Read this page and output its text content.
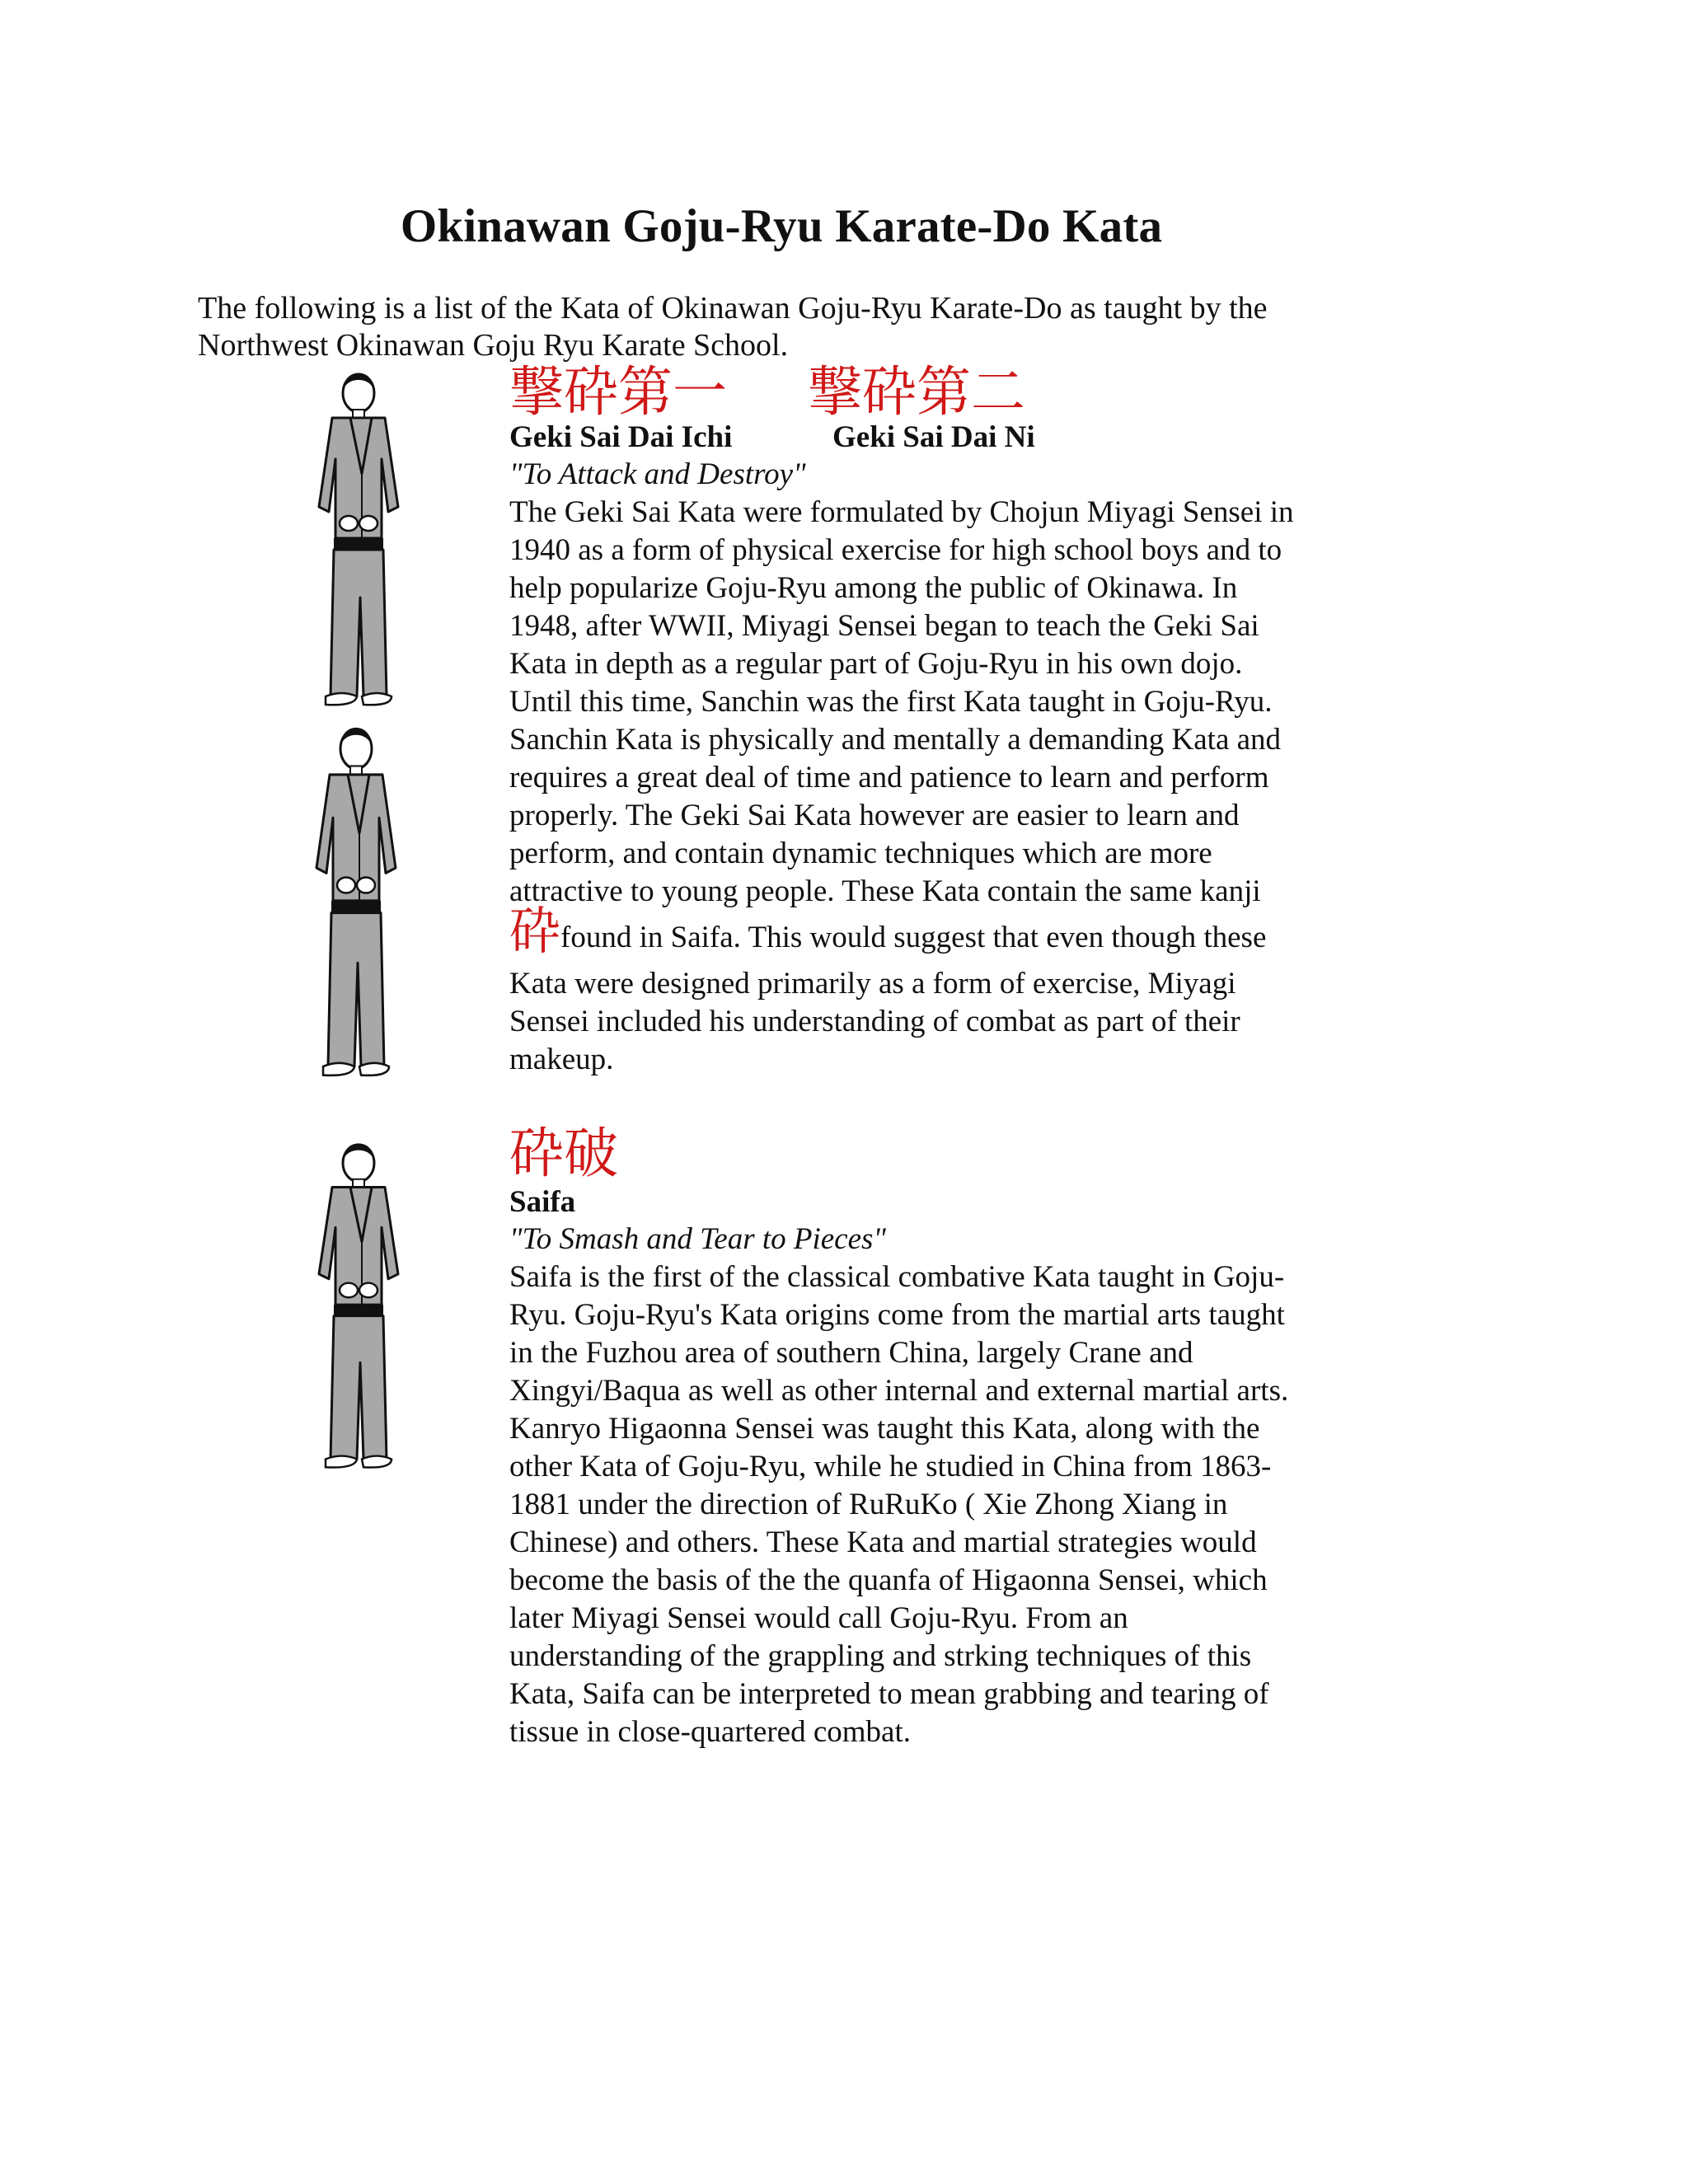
Okinawan Goju-Ryu Karate-Do Kata
The following is a list of the Kata of Okinawan Goju-Ryu Karate-Do as taught by the
Northwest Okinawan Goju Ryu Karate School.
撃砕第一 撃砕第二
Geki Sai Dai Ichi	Geki Sai Dai Ni
"To Attack and Destroy"
The Geki Sai Kata were formulated by Chojun Miyagi Sensei in
1940 as a form of physical exercise for high school boys and to
help popularize Goju-Ryu among the public of Okinawa. In
1948, after WWII, Miyagi Sensei began to teach the Geki Sai
Kata in depth as a regular part of Goju-Ryu in his own dojo.
Until this time, Sanchin was the first Kata taught in Goju-Ryu.
Sanchin Kata is physically and mentally a demanding Kata and
requires a great deal of time and patience to learn and perform
properly. The Geki Sai Kata however are easier to learn and
perform, and contain dynamic techniques which are more
attractive to young people. These Kata contain the same kanji
砕found in Saifa. This would suggest that even though these
Kata were designed primarily as a form of exercise, Miyagi
Sensei included his understanding of combat as part of their
makeup.
砕破
Saifa
"To Smash and Tear to Pieces"
Saifa is the first of the classical combative Kata taught in Goju-
Ryu. Goju-Ryu's Kata origins come from the martial arts taught
in the Fuzhou area of southern China, largely Crane and
Xingyi/Baqua as well as other internal and external martial arts.
Kanryo Higaonna Sensei was taught this Kata, along with the
other Kata of Goju-Ryu, while he studied in China from 1863-
1881 under the direction of RuRuKo ( Xie Zhong Xiang in
Chinese) and others. These Kata and martial strategies would
become the basis of the the quanfa of Higaonna Sensei, which
later Miyagi Sensei would call Goju-Ryu. From an
understanding of the grappling and strking techniques of this
Kata, Saifa can be interpreted to mean grabbing and tearing of
tissue in close-quartered combat.
